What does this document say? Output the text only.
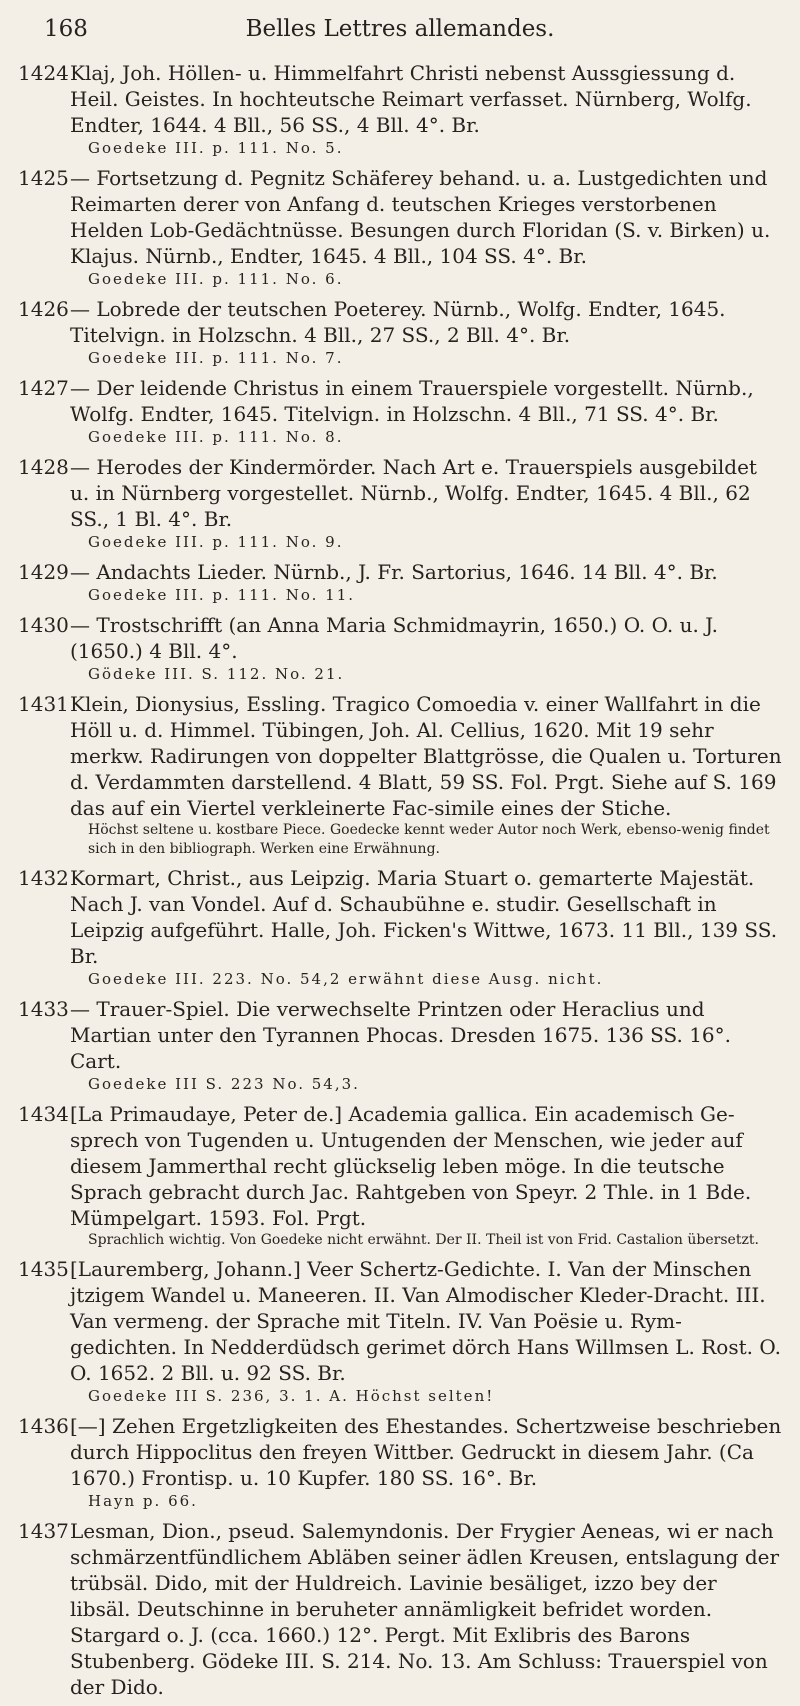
168	Belles Lettres allemandes.
1424 Klaj, Joh. Höllen- u. Himmelfahrt Christi nebenst Aussgiessung d. Heil. Geistes. In hochteutsche Reimart verfasset. Nürnberg, Wolfg. Endter, 1644. 4 Bll., 56 SS., 4 Bll. 4°. Br.
Goedeke III. p. 111. No. 5.
1425 — Fortsetzung d. Pegnitz Schäferey behand. u. a. Lustgedichten und Reimarten derer von Anfang d. teutschen Krieges verstorbenen Helden Lob-Gedächtnüsse. Besungen durch Floridan (S. v. Birken) u. Klajus. Nürnb., Endter, 1645. 4 Bll., 104 SS. 4°. Br.
Goedeke III. p. 111. No. 6.
1426 — Lobrede der teutschen Poeterey. Nürnb., Wolfg. Endter, 1645. Titelvign. in Holzschn. 4 Bll., 27 SS., 2 Bll. 4°. Br.
Goedeke III. p. 111. No. 7.
1427 — Der leidende Christus in einem Trauerspiele vorgestellt. Nürnb., Wolfg. Endter, 1645. Titelvign. in Holzschn. 4 Bll., 71 SS. 4°. Br.
Goedeke III. p. 111. No. 8.
1428 — Herodes der Kindermörder. Nach Art e. Trauerspiels ausgebildet u. in Nürnberg vorgestellet. Nürnb., Wolfg. Endter, 1645. 4 Bll., 62 SS., 1 Bl. 4°. Br.
Goedeke III. p. 111. No. 9.
1429 — Andachts Lieder. Nürnb., J. Fr. Sartorius, 1646. 14 Bll. 4°. Br.
Goedeke III. p. 111. No. 11.
1430 — Trostschrifft (an Anna Maria Schmidmayrin, 1650.) O. O. u. J. (1650.) 4 Bll. 4°.
Gödeke III. S. 112. No. 21.
1431 Klein, Dionysius, Essling. Tragico Comoedia v. einer Wallfahrt in die Höll u. d. Himmel. Tübingen, Joh. Al. Cellius, 1620. Mit 19 sehr merkw. Radirungen von doppelter Blattgrösse, die Qualen u. Torturen d. Verdammten darstellend. 4 Blatt, 59 SS. Fol. Prgt. Siehe auf S. 169 das auf ein Viertel verkleinerte Fac-simile eines der Stiche.
Höchst seltene u. kostbare Piece. Goedecke kennt weder Autor noch Werk, ebenso-wenig findet sich in den bibliograph. Werken eine Erwähnung.
1432 Kormart, Christ., aus Leipzig. Maria Stuart o. gemarterte Majestät. Nach J. van Vondel. Auf d. Schaubühne e. studir. Gesellschaft in Leipzig aufgeführt. Halle, Joh. Ficken's Wittwe, 1673. 11 Bll., 139 SS. Br.
Goedeke III. 223. No. 54,2 erwähnt diese Ausg. nicht.
1433 — Trauer-Spiel. Die verwechselte Printzen oder Heraclius und Martian unter den Tyrannen Phocas. Dresden 1675. 136 SS. 16°. Cart.
Goedeke III S. 223 No. 54,3.
1434 [La Primaudaye, Peter de.] Academia gallica. Ein academisch Ge-sprech von Tugenden u. Untugenden der Menschen, wie jeder auf diesem Jammerthal recht glückselig leben möge. In die teutsche Sprach gebracht durch Jac. Rahtgeben von Speyr. 2 Thle. in 1 Bde. Mümpelgart. 1593. Fol. Prgt.
Sprachlich wichtig. Von Goedeke nicht erwähnt. Der II. Theil ist von Frid. Castalion übersetzt.
1435 [Lauremberg, Johann.] Veer Schertz-Gedichte. I. Van der Minschen jtzigem Wandel u. Maneeren. II. Van Almodischer Kleder-Dracht. III. Van vermeng. der Sprache mit Titeln. IV. Van Poësie u. Rym-gedichten. In Nedderdüdsch gerimet dörch Hans Willmsen L. Rost. O. O. 1652. 2 Bll. u. 92 SS. Br.
Goedeke III S. 236, 3. 1. A. Höchst selten!
1436 [—] Zehen Ergetzligkeiten des Ehestandes. Schertzweise beschrieben durch Hippoclitus den freyen Wittber. Gedruckt in diesem Jahr. (Ca 1670.) Frontisp. u. 10 Kupfer. 180 SS. 16°. Br.
Hayn p. 66.
1437 Lesman, Dion., pseud. Salemyndonis. Der Frygier Aeneas, wi er nach schmärzentfündlichem Abläben seiner ädlen Kreusen, entslagung der trübsäl. Dido, mit der Huldreich. Lavinie besäliget, izzo bey der libsäl. Deutschinne in beruheter annämligkeit befridet worden. Stargard o. J. (cca. 1660.) 12°. Pergt. Mit Exlibris des Barons Stubenberg. Gödeke III. S. 214. No. 13. Am Schluss: Trauerspiel von der Dido.
